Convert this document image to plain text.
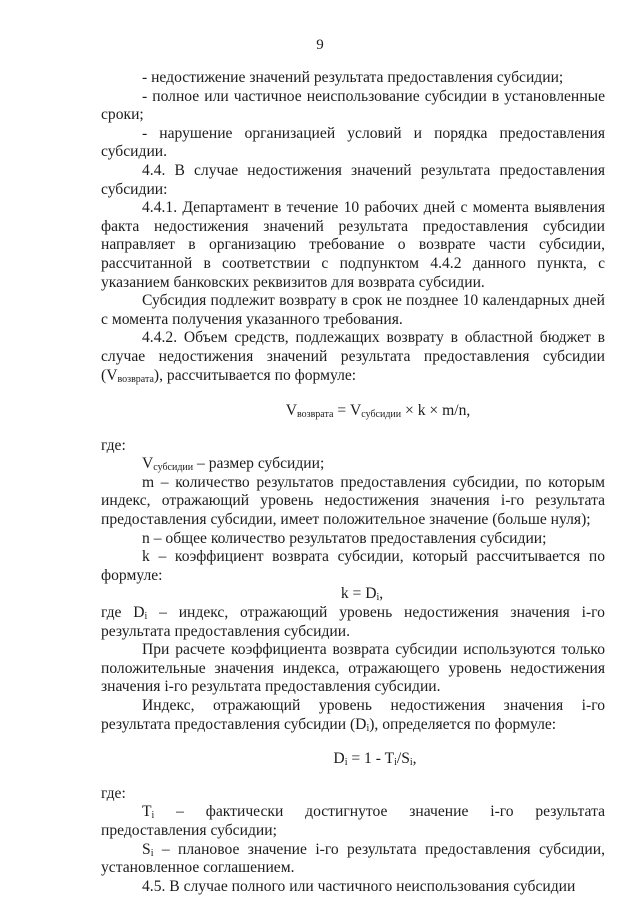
9

- недостижение значений результата предоставления субсидии;

- полное или частичное неиспользование субсидии в установленные сроки;

- нарушение организацией условий и порядка предоставления субсидии.

4.4. В случае недостижения значений результата предоставления субсидии:

4.4.1. Департамент в течение 10 рабочих дней с момента выявления факта недостижения значений результата предоставления субсидии направляет в организацию требование о возврате части субсидии, рассчитанной в соответствии с подпунктом 4.4.2 данного пункта, с указанием банковских реквизитов для возврата субсидии.

Субсидия подлежит возврату в срок не позднее 10 календарных дней с момента получения указанного требования.

4.4.2. Объем средств, подлежащих возврату в областной бюджет в случае недостижения значений результата предоставления субсидии $(V_{возврата})$, рассчитывается по формуле:

$V_{возврата} = V_{субсидии} \times k \times m/n$,

где:

$V_{субсидии}$ – размер субсидии;

m – количество результатов предоставления субсидии, по которым индекс, отражающий уровень недостижения значения i-го результата предоставления субсидии, имеет положительное значение (больше нуля);

n – общее количество результатов предоставления субсидии;

k – коэффициент возврата субсидии, который рассчитывается по формуле:

$k = D_i$,

где $D_i$ – индекс, отражающий уровень недостижения значения i-го результата предоставления субсидии.

При расчете коэффициента возврата субсидии используются только положительные значения индекса, отражающего уровень недостижения значения i-го результата предоставления субсидии.

Индекс, отражающий уровень недостижения значения i-го результата предоставления субсидии $(D_i)$, определяется по формуле:

$D_i = 1 - T_i/S_i$,

где:

$T_i$ – фактически достигнутое значение i-го результата предоставления субсидии;

$S_i$ – плановое значение i-го результата предоставления субсидии, установленное соглашением.

4.5. В случае полного или частичного неиспользования субсидии
